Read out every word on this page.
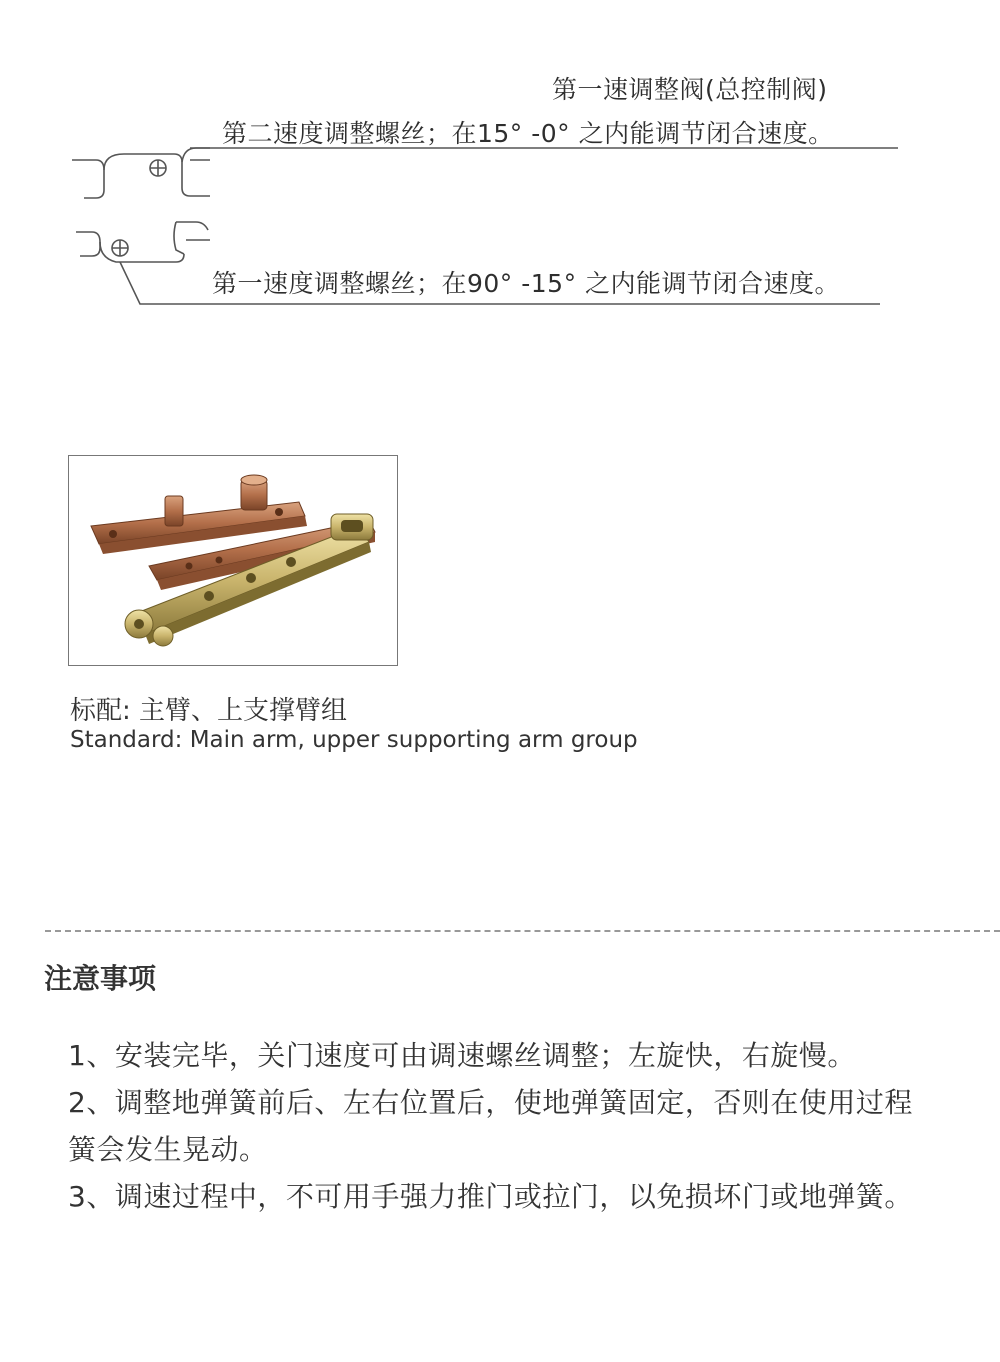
第一速调整阀(总控制阀)
第二速度调整螺丝；在15° -0° 之内能调节闭合速度。
第一速度调整螺丝；在90° -15° 之内能调节闭合速度。
标配: 主臂、上支撑臂组
Standard: Main arm, upper supporting arm group
注意事项
1、安装完毕，关门速度可由调速螺丝调整；左旋快，右旋慢。
2、调整地弹簧前后、左右位置后，使地弹簧固定，否则在使用过程
簧会发生晃动。
3、调速过程中，不可用手强力推门或拉门，以免损坏门或地弹簧。
